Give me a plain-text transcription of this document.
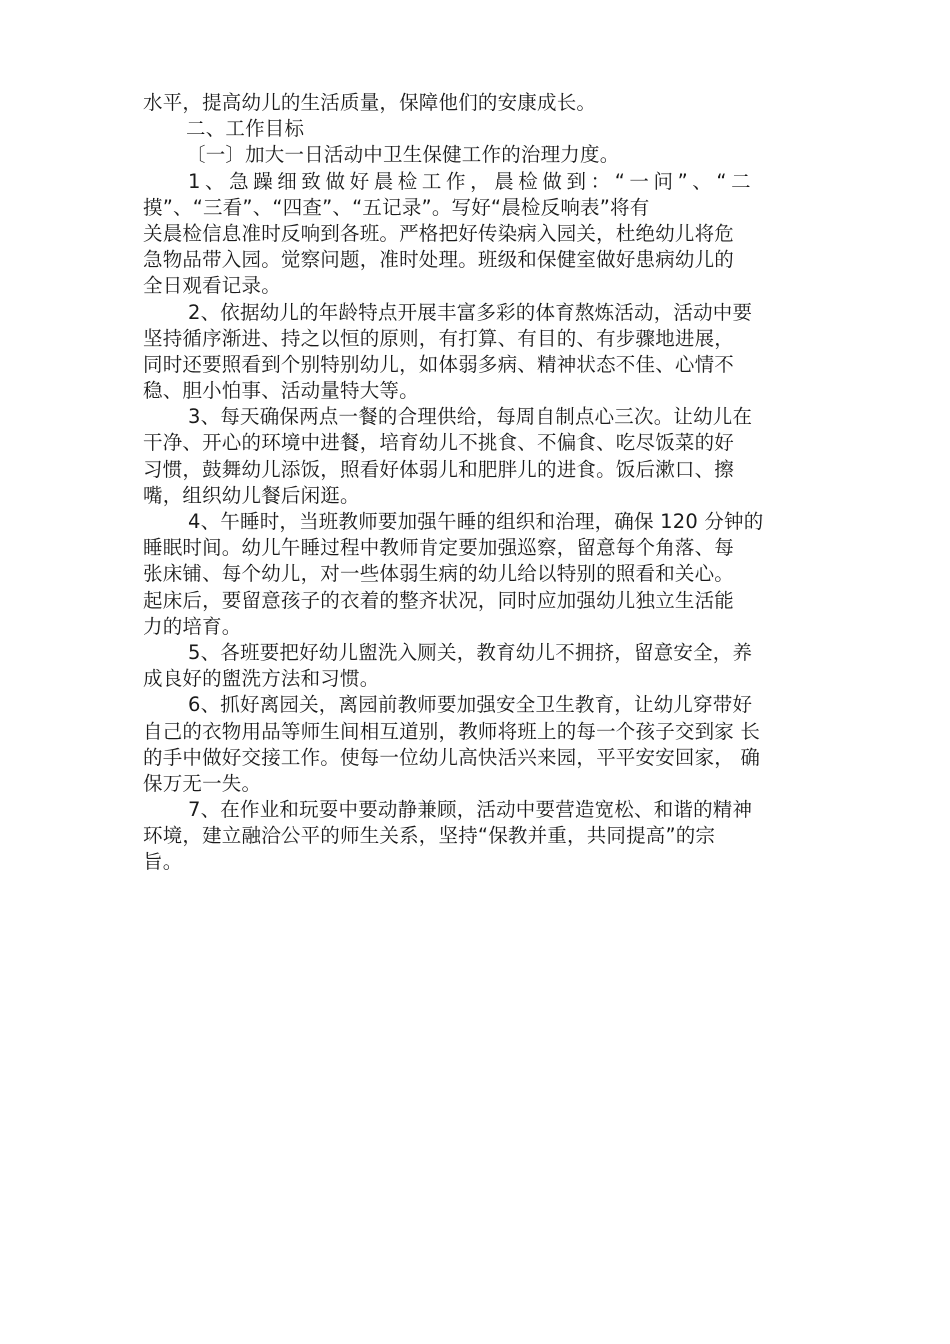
水平，提高幼儿的生活质量，保障他们的安康成长。
二、工作目标
〔一〕加大一日活动中卫生保健工作的治理力度。
1、急躁细致做好晨检工作，晨检做到：“一问”、“二
摸”、“三看”、“四查”、“五记录”。写好“晨检反响表”将有
关晨检信息准时反响到各班。严格把好传染病入园关，杜绝幼儿将危
急物品带入园。觉察问题，准时处理。班级和保健室做好患病幼儿的
全日观看记录。
2、依据幼儿的年龄特点开展丰富多彩的体育熬炼活动，活动中要
坚持循序渐进、持之以恒的原则，有打算、有目的、有步骤地进展，
同时还要照看到个别特别幼儿，如体弱多病、精神状态不佳、心情不
稳、胆小怕事、活动量特大等。
3、每天确保两点一餐的合理供给，每周自制点心三次。让幼儿在
干净、开心的环境中进餐，培育幼儿不挑食、不偏食、吃尽饭菜的好
习惯，鼓舞幼儿添饭，照看好体弱儿和肥胖儿的进食。饭后漱口、擦
嘴，组织幼儿餐后闲逛。
4、午睡时，当班教师要加强午睡的组织和治理，确保 120 分钟的
睡眠时间。幼儿午睡过程中教师肯定要加强巡察，留意每个角落、每
张床铺、每个幼儿，对一些体弱生病的幼儿给以特别的照看和关心。
起床后，要留意孩子的衣着的整齐状况，同时应加强幼儿独立生活能
力的培育。
5、各班要把好幼儿盥洗入厕关，教育幼儿不拥挤，留意安全，养
成良好的盥洗方法和习惯。
6、抓好离园关，离园前教师要加强安全卫生教育，让幼儿穿带好
自己的衣物用品等师生间相互道别，教师将班上的每一个孩子交到家 长
的手中做好交接工作。使每一位幼儿高快活兴来园，平平安安回家， 确
保万无一失。
7、在作业和玩耍中要动静兼顾，活动中要营造宽松、和谐的精神
环境，建立融洽公平的师生关系，坚持“保教并重，共同提高”的宗
旨。
